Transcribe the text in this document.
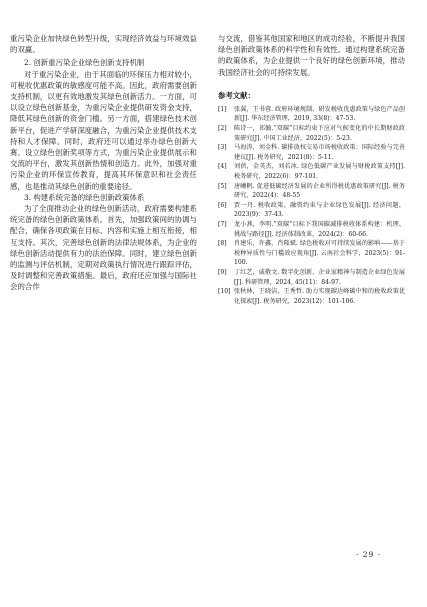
重污染企业加快绿色转型升级，实现经济效益与环境效益的双赢。

2. 创新重污染企业绿色创新支持机制

对于重污染企业，由于其面临的环保压力相对较小，可税收优惠政策的敏感度可能不高。因此，政府需要创新支持机制，以更有效地激发其绿色创新活力。一方面，可以设立绿色创新基金，为重污染企业提供研发资金支持，降低其绿色创新的资金门槛。另一方面，搭建绿色技术创新平台，促进产学研深度融合，为重污染企业提供技术支持和人才保障。同时，政府还可以通过举办绿色创新大赛、设立绿色创新奖项等方式，为重污染企业提供展示和交流的平台，激发其创新热情和创造力。此外，加强对重污染企业的环保宣传教育，提高其环保意识和社会责任感，也是推动其绿色创新的重要途径。

3. 构建系统完备的绿色创新政策体系

为了全面推动企业的绿色创新活动，政府需要构建系统完备的绿色创新政策体系。首先，加强政策间的协调与配合，确保各项政策在目标、内容和实施上相互衔接，相互支持。其次，完善绿色创新的法律法规体系，为企业的绿色创新活动提供有力的法治保障。同时，建立绿色创新的监测与评估机制，定期对政策执行情况进行跟踪评估，及时调整和完善政策措施。最后，政府还应加强与国际社会的合作

与交流，借鉴其他国家和地区的成功经验，不断提升我国绿色创新政策体系的科学性和有效性。通过构建系统完备的政策体系，为企业提供一个良好的绿色创新环境，推动我国经济社会的可持续发展。

参考文献：
[1]	张翼，王书蓉. 政府环境规制、研发税收优惠政策与绿色产品创新[J]. 华东经济管理，2019, 33(8)：47-53.
[2]	陈诗一，祁毓.“双碳”目标约束下应对气候变化的中长期财政政策研究[J]. 中国工业经济，2022(5)：5-23.
[3]	马海涛，刘金科. 碳排放权交易市场税收政策：国际经验与完善建议[J]. 税务研究，2021(8)：5-11.
[4]	刘蓓，金英杰，刘若冰. 绿色低碳产业发展与财税政策支持[J]. 税务研究，2022(6)：97-101.
[5]	唐曦帆. 促进低碳经济发展的企业所得税优惠政策研究[J]. 税务研究，2022(4)：48-55
[6]	贾一丹. 税收政策、融资约束与企业绿色发展[J]. 经济问题，2023(9)：37-43.
[7]	龙小燕，李明.“双碳”目标下我国碳减排税收体系构建：机理、挑战与路径[J]. 经济体制改革，2024(2)：60-66.
[8]	肖建乐，许鑫，肖隆斌. 绿色税收对可持续发展的影响——基于税种异质性与门槛效应视角[J]. 云南社会科学，2023(5)：91-100.
[9]	丁红艺，戚敬文. 数字化创新、企业家精神与制造企业绿色发展[J]. 科研管理，2024, 45(11)：84-97.
[10] 张秋林，王晓洁，王秀哲. 助力实现碳达峰碳中和的税收政策优化探索[J]. 税务研究，2023(12)：101-106.
· 29 ·
